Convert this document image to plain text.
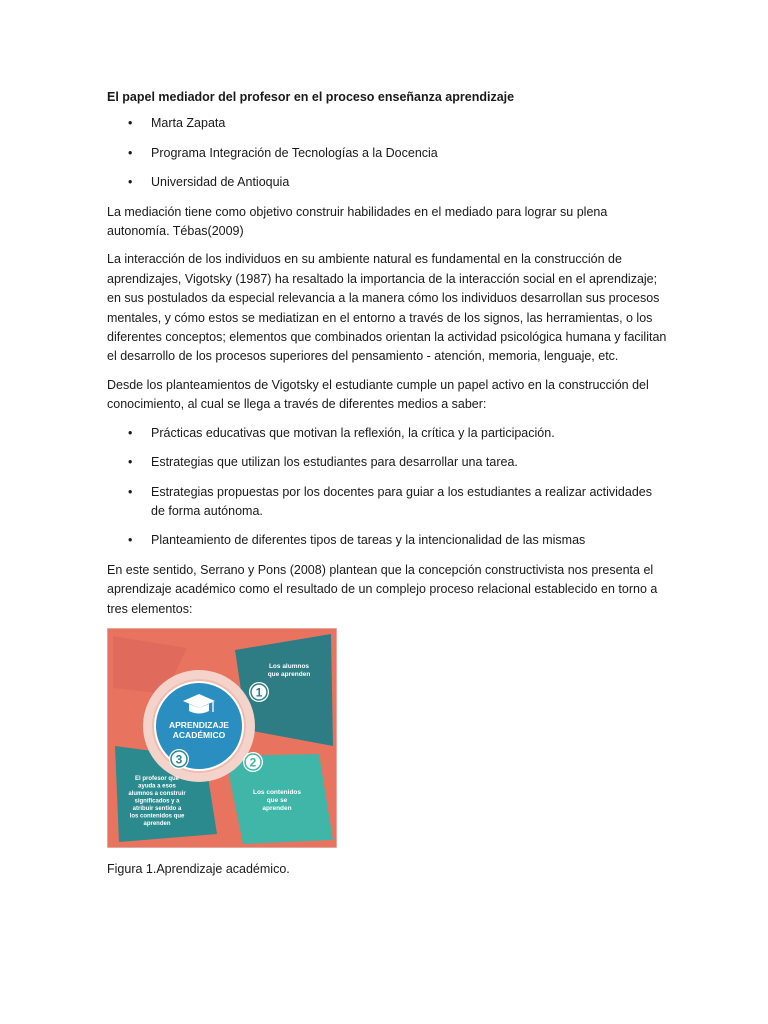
El papel mediador del profesor en el proceso enseñanza aprendizaje

• Marta Zapata
• Programa Integración de Tecnologías a la Docencia
• Universidad de Antioquia

La mediación tiene como objetivo construir habilidades en el mediado para lograr su plena autonomía. Tébas(2009)

La interacción de los individuos en su ambiente natural es fundamental en la construcción de aprendizajes, Vigotsky (1987) ha resaltado la importancia de la interacción social en el aprendizaje; en sus postulados da especial relevancia a la manera cómo los individuos desarrollan sus procesos mentales, y cómo estos se mediatizan en el entorno a través de los signos, las herramientas, o los diferentes conceptos; elementos que combinados orientan la actividad psicológica humana y facilitan el desarrollo de los procesos superiores del pensamiento - atención, memoria, lenguaje, etc.

Desde los planteamientos de Vigotsky el estudiante cumple un papel activo en la construcción del conocimiento, al cual se llega a través de diferentes medios a saber:

• Prácticas educativas que motivan la reflexión, la crítica y la participación.
• Estrategias que utilizan los estudiantes para desarrollar una tarea.
• Estrategias propuestas por los docentes para guiar a los estudiantes a realizar actividades de forma autónoma.
• Planteamiento de diferentes tipos de tareas y la intencionalidad de las mismas

En este sentido, Serrano y Pons (2008) plantean que la concepción constructivista nos presenta el aprendizaje académico como el resultado de un complejo proceso relacional establecido en torno a tres elementos:

APRENDIZAJE
ACADÉMICO
1
2
3
Los alumnos
que aprenden
Los contenidos
que se
aprenden
El profesor que
ayuda a esos
alumnos a construir
significados y a
atribuir sentido a
los contenidos que
aprenden

Figura 1.Aprendizaje académico.
